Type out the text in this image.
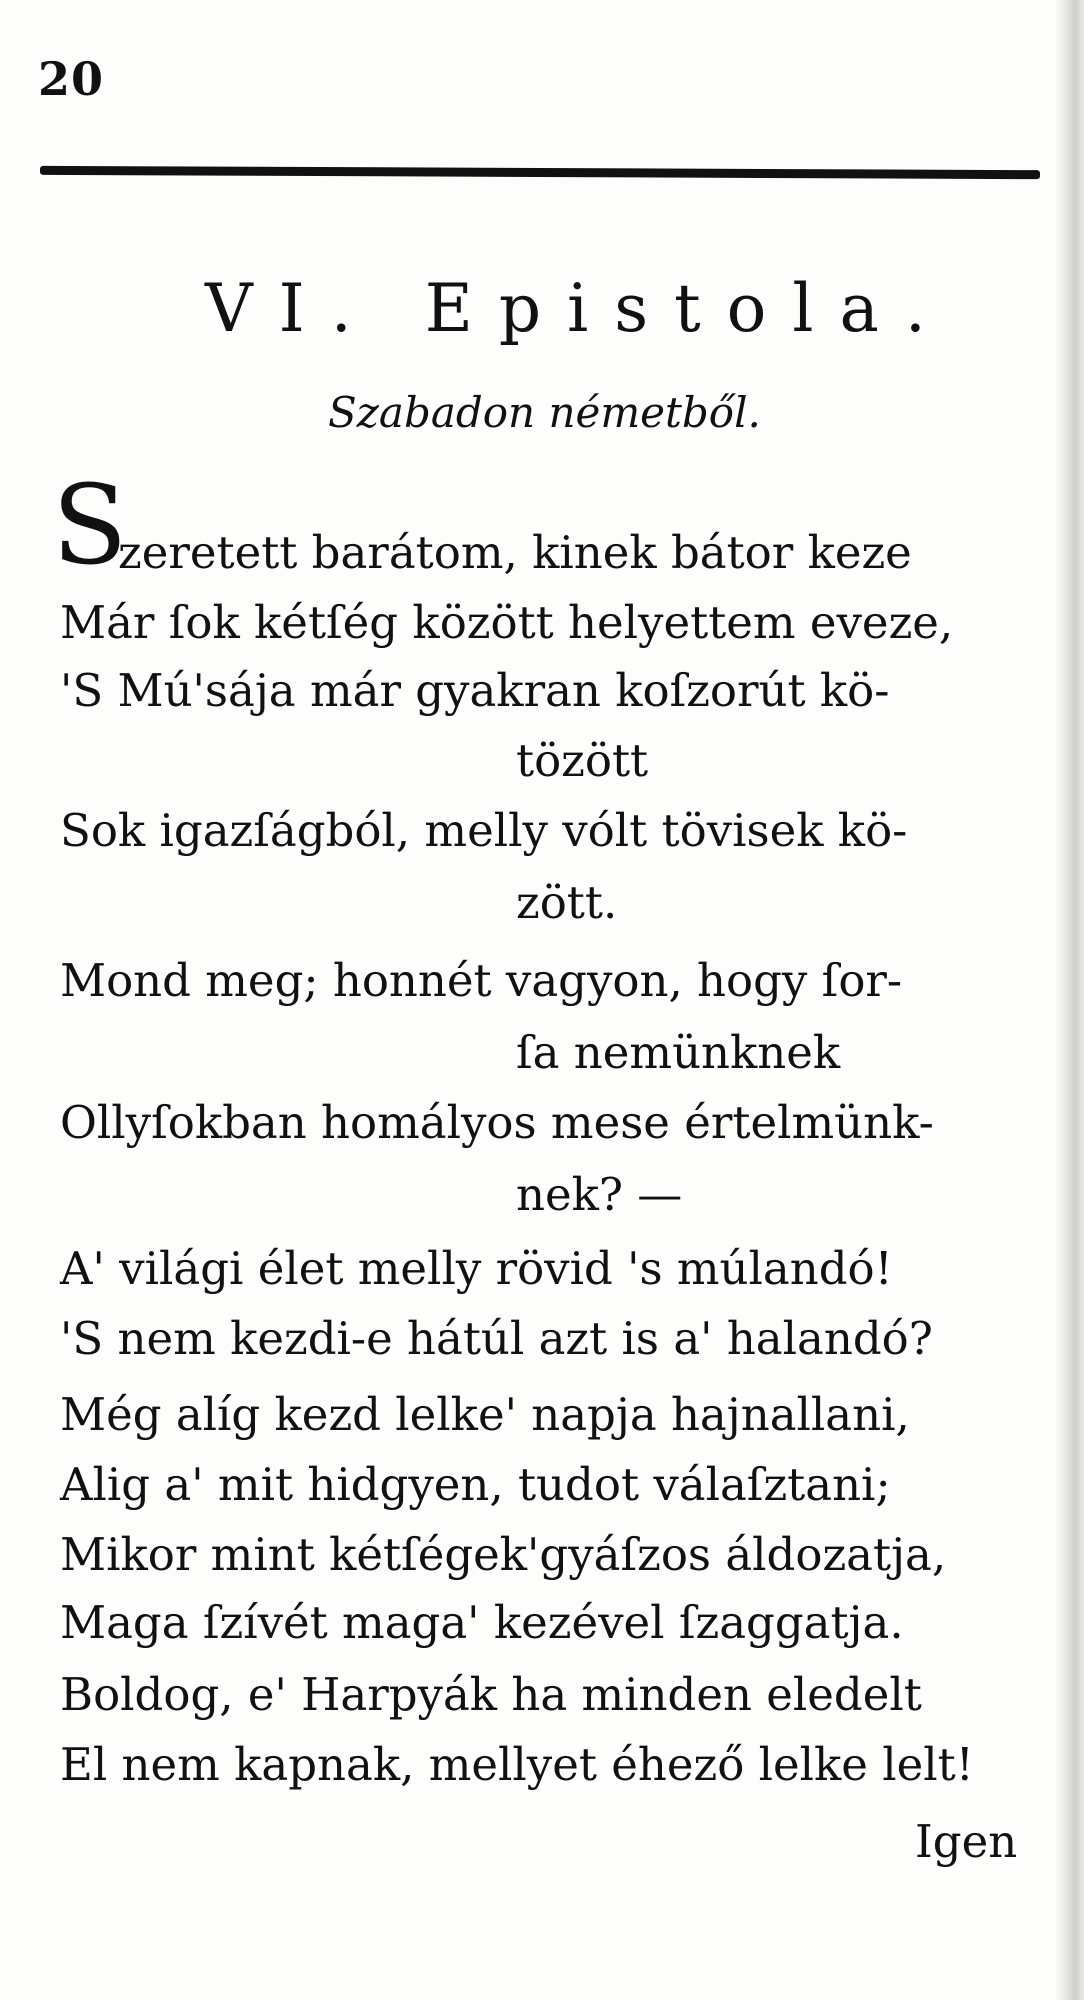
20
VI. Epistola.
Szabadon németből.
S
zeretett barátom, kinek bátor keze
Már ſok kétſég között helyettem eveze,
'S Mú'sája már gyakran koſzorút kö-
tözött
Sok igazſágból, melly vólt tövisek kö-
zött.
Mond meg; honnét vagyon, hogy ſor-
ſa nemünknek
Ollyſokban homályos mese értelmünk-
nek? —
A' világi élet melly rövid 's múlandó!
'S nem kezdi-e hátúl azt is a' halandó?
Még alíg kezd lelke' napja hajnallani,
Alig a' mit hidgyen, tudot válaſztani;
Mikor mint kétſégek'gyáſzos áldozatja,
Maga ſzívét maga' kezével ſzaggatja.
Boldog, e' Harpyák ha minden eledelt
El nem kapnak, mellyet éhező lelke lelt!
Igen
